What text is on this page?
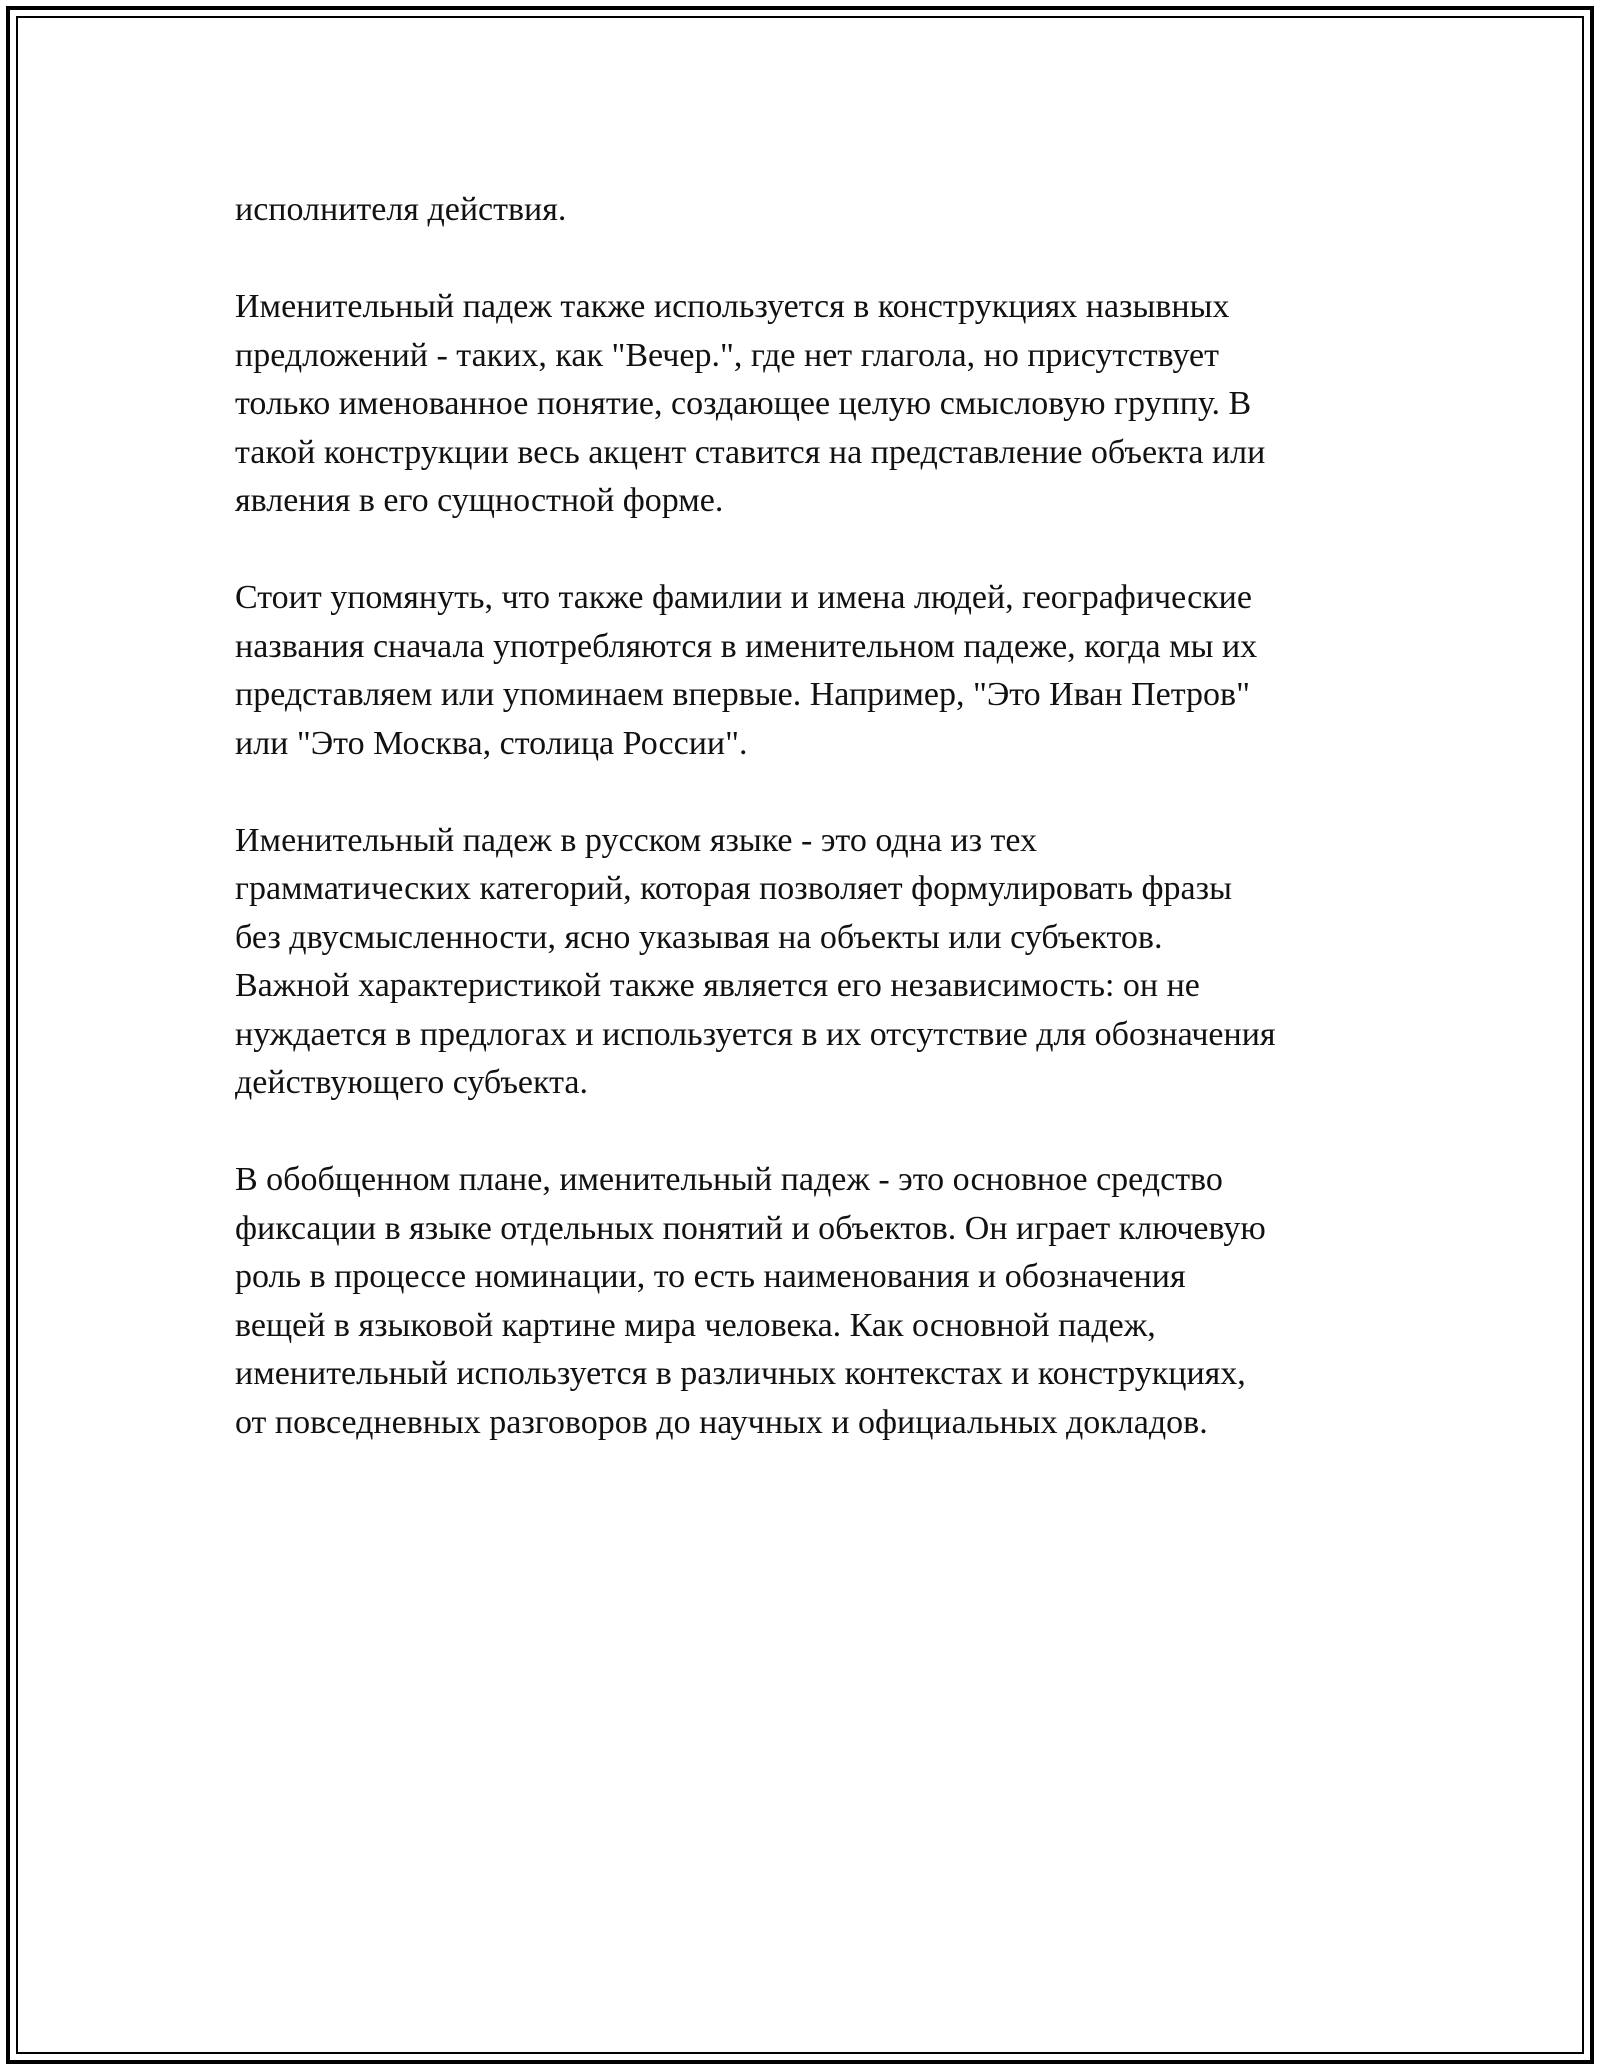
исполнителя действия.

Именительный падеж также используется в конструкциях назывных
предложений - таких, как "Вечер.", где нет глагола, но присутствует
только именованное понятие, создающее целую смысловую группу. В
такой конструкции весь акцент ставится на представление объекта или
явления в его сущностной форме.

Стоит упомянуть, что также фамилии и имена людей, географические
названия сначала употребляются в именительном падеже, когда мы их
представляем или упоминаем впервые. Например, "Это Иван Петров"
или "Это Москва, столица России".

Именительный падеж в русском языке - это одна из тех
грамматических категорий, которая позволяет формулировать фразы
без двусмысленности, ясно указывая на объекты или субъектов.
Важной характеристикой также является его независимость: он не
нуждается в предлогах и используется в их отсутствие для обозначения
действующего субъекта.

В обобщенном плане, именительный падеж - это основное средство
фиксации в языке отдельных понятий и объектов. Он играет ключевую
роль в процессе номинации, то есть наименования и обозначения
вещей в языковой картине мира человека. Как основной падеж,
именительный используется в различных контекстах и конструкциях,
от повседневных разговоров до научных и официальных докладов.
